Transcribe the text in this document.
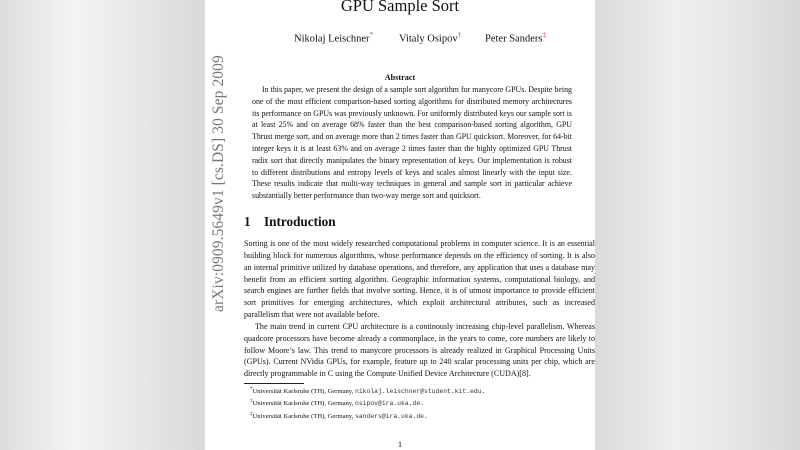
arXiv:0909.5649v1 [cs.DS] 30 Sep 2009
GPU Sample Sort
Nikolaj Leischner* Vitaly Osipov† Peter Sanders‡
Abstract
In this paper, we present the design of a sample sort algorithm for manycore GPUs. Despite being one of the most efficient comparison-based sorting algorithms for distributed memory architectures its performance on GPUs was previously unknown. For uniformly distributed keys our sample sort is at least 25% and on average 68% faster than the best comparison-based sorting algorithm, GPU Thrust merge sort, and on average more than 2 times faster than GPU quicksort. Moreover, for 64-bit integer keys it is at least 63% and on average 2 times faster than the highly optimized GPU Thrust radix sort that directly manipulates the binary representation of keys. Our implementation is robust to different distributions and entropy levels of keys and scales almost linearly with the input size. These results indicate that multi-way techniques in general and sample sort in particular achieve substantially better performance than two-way merge sort and quicksort.
1 Introduction

Sorting is one of the most widely researched computational problems in computer science. It is an essential building block for numerous algorithms, whose performance depends on the efficiency of sorting. It is also an internal primitive utilized by database operations, and therefore, any application that uses a database may benefit from an efficient sorting algorithm. Geographic information systems, computational biology, and search engines are further fields that involve sorting. Hence, it is of utmost importance to provide efficient sort primitives for emerging architectures, which exploit architectural attributes, such as increased parallelism that were not available before.

The main trend in current CPU architecture is a continously increasing chip-level parallelism. Whereas quadcore processors have become already a commonplace, in the years to come, core numbers are likely to follow Moore’s law. This trend to manycore processors is already realized in Graphical Processing Units (GPUs). Current NVidia GPUs, for example, feature up to 240 scalar processing units per chip, which are directly programmable in C using the Compute Unified Device Architecture (CUDA)[8].

*Universität Karlsruhe (TH), Germany, nikolaj.leischner@student.kit.edu.
†Universität Karlsruhe (TH), Germany, osipov@ira.uka.de.
‡Universität Karlsruhe (TH), Germany, sanders@ira.uka.de.
1
